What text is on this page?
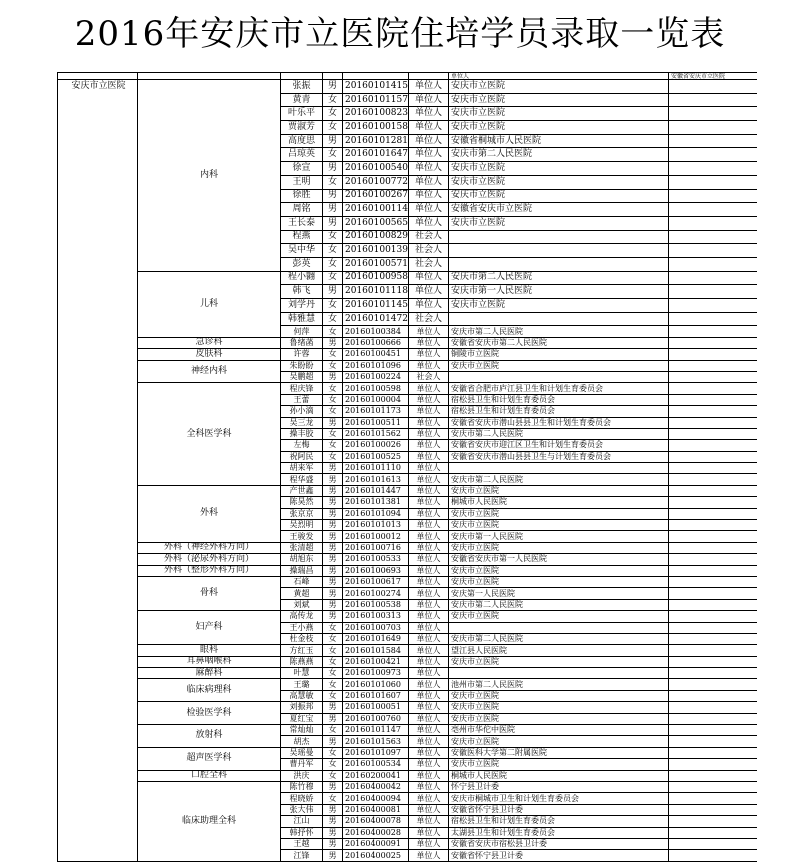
2016年安庆市立医院住培学员录取一览表
						单位人	安徽省安庆市立医院
安庆市立医院	内科	张振	男	20160101415	单位人	安庆市立医院	
		黄青	女	20160101157	单位人	安庆市立医院	
		叶乐平	女	20160100823	单位人	安庆市立医院	
		贾淑芳	女	20160100158	单位人	安庆市立医院	
		高度思	男	20160101281	单位人	安徽省桐城市人民医院	
		吕琼英	女	20160101647	单位人	安庆市第二人民医院	
		徐宣	男	20160100540	单位人	安庆市立医院	
		王明	女	20160100772	单位人	安庆市立医院	
		徐胜	男	20160100267	单位人	安庆市立医院	
		周铭	男	20160100114	单位人	安徽省安庆市立医院	
		王长泰	男	20160100565	单位人	安庆市立医院	
		程燕	女	20160100829	社会人		
		吴中华	女	20160100139	社会人		
		彭英	女	20160100571	社会人		
	儿科	程小翾	女	20160100958	单位人	安庆市第二人民医院	
		韩飞	男	20160101118	单位人	安庆市第一人民医院	
		刘学丹	女	20160101145	单位人	安庆市立医院	
		韩雅慧	女	20160101472	社会人		
		何萍	女	20160100384	单位人	安庆市第二人民医院	
	急诊科	鲁绪菡	男	20160100666	单位人	安徽省安庆市第二人民医院	
	皮肤科	许蓉	女	20160100451	单位人	铜陵市立医院	
	神经内科	朱盼盼	女	20160101096	单位人	安庆市立医院	
		吴鹏超	男	20160100224	社会人		
	全科医学科	程庆锋	女	20160100598	单位人	安徽省合肥市庐江县卫生和计划生育委员会	
		王蕾	女	20160100004	单位人	宿松县卫生和计划生育委员会	
		孙小滴	女	20160101173	单位人	宿松县卫生和计划生育委员会	
		吴三龙	男	20160100511	单位人	安徽省安庆市潜山县县卫生和计划生育委员会	
		操丰胶	女	20160101562	单位人	安庆市第二人民医院	
		左梅	女	20160100026	单位人	安徽省安庆市迎江区卫生和计划生育委员会	
		祝阿民	女	20160100525	单位人	安徽省安庆市潜山县县卫生与计划生育委员会	
		胡来军	男	20160101110	单位人		
		程华盛	男	20160101613	单位人	安庆市第二人民医院	
	外科	产世鑫	男	20160101447	单位人	安庆市立医院	
		陈昊然	男	20160101381	单位人	桐城市人民医院	
		张京京	男	20160101094	单位人	安庆市立医院	
		吴烈明	男	20160101013	单位人	安庆市立医院	
		王骏发	男	20160100012	单位人	安庆市第一人民医院	
	外科（神经外科方向）	张清超	男	20160100716	单位人	安庆市立医院	
	外科（泌尿外科方向）	胡旭东	男	20160100533	单位人	安徽省安庆市第一人民医院	
	外科（整形外科方向）	操瑞昌	男	20160100693	单位人	安庆市立医院	
	骨科	石峰	男	20160100617	单位人	安庆市立医院	
		黄超	男	20160100274	单位人	安庆第一人民医院	
		刘斌	男	20160100538	单位人	安庆市第二人民医院	
	妇产科	高传龙	男	20160100313	单位人	安庆市立医院	
		王小燕	女	20160100703	单位人		
		杜金枝	女	20160101649	单位人	安庆市第二人民医院	
	眼科	方红玉	女	20160101584	单位人	望江县人民医院	
	耳鼻咽喉科	陈燕燕	女	20160100421	单位人	安庆市立医院	
	麻醉科	叶慧	女	20160100973	单位人		
	临床病理科	王璐	女	20160101060	单位人	池州市第二人民医院	
		高慧敏	女	20160101607	单位人	安庆市立医院	
	检验医学科	刘振邦	男	20160100051	单位人	安庆市立医院	
		夏红宝	男	20160100760	单位人	安庆市立医院	
	放射科	常灿灿	女	20160101147	单位人	亳州市华佗中医院	
		胡杰	男	20160101563	单位人	安庆市立医院	
	超声医学科	吴瑶曼	女	20160101097	单位人	安徽医科大学第二附属医院	
		曹丹军	女	20160100534	单位人	安庆市立医院	
	口腔全科	洪庆	女	20160200041	单位人	桐城市人民医院	
	临床助理全科	陈竹穆	男	20160400042	单位人	怀宁县卫计委	
		程晓娇	女	20160400094	单位人	安庆市桐城市卫生和计划生育委员会	
		张大伟	男	20160400081	单位人	安徽省怀宁县卫计委	
		江山	男	20160400078	单位人	宿松县卫生和计划生育委员会	
		韩抒怀	男	20160400028	单位人	太湖县卫生和计划生育委员会	
		王越	男	20160400091	单位人	安徽省安庆市宿松县卫计委	
		江锋	男	20160400025	单位人	安徽省怀宁县卫计委	
